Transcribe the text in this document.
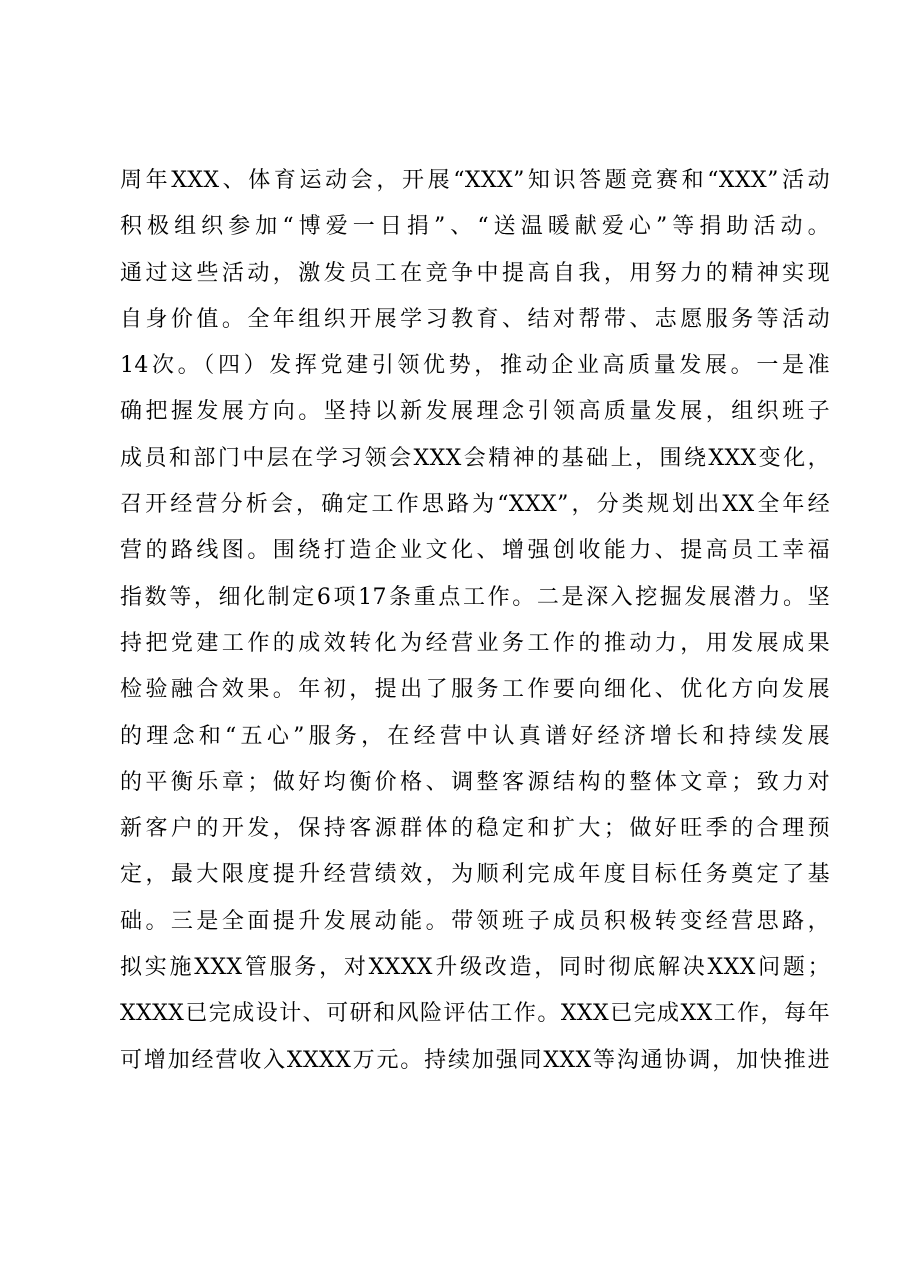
周年XXX、体育运动会，开展“XXX”知识答题竞赛和“XXX”活动
积极组织参加“博爱一日捐”、“送温暖献爱心”等捐助活动。
通过这些活动，激发员工在竞争中提高自我，用努力的精神实现
自身价值。全年组织开展学习教育、结对帮带、志愿服务等活动
14次。（四）发挥党建引领优势，推动企业高质量发展。一是准
确把握发展方向。坚持以新发展理念引领高质量发展，组织班子
成员和部门中层在学习领会XXX会精神的基础上，围绕XXX变化，
召开经营分析会，确定工作思路为“XXX”，分类规划出XX全年经
营的路线图。围绕打造企业文化、增强创收能力、提高员工幸福
指数等，细化制定6项17条重点工作。二是深入挖掘发展潜力。坚
持把党建工作的成效转化为经营业务工作的推动力，用发展成果
检验融合效果。年初，提出了服务工作要向细化、优化方向发展
的理念和“五心”服务，在经营中认真谱好经济增长和持续发展
的平衡乐章；做好均衡价格、调整客源结构的整体文章；致力对
新客户的开发，保持客源群体的稳定和扩大；做好旺季的合理预
定，最大限度提升经营绩效，为顺利完成年度目标任务奠定了基
础。三是全面提升发展动能。带领班子成员积极转变经营思路，
拟实施XXX管服务，对XXXX升级改造，同时彻底解决XXX问题；
XXXX已完成设计、可研和风险评估工作。XXX已完成XX工作，每年
可增加经营收入XXXX万元。持续加强同XXX等沟通协调，加快推进
